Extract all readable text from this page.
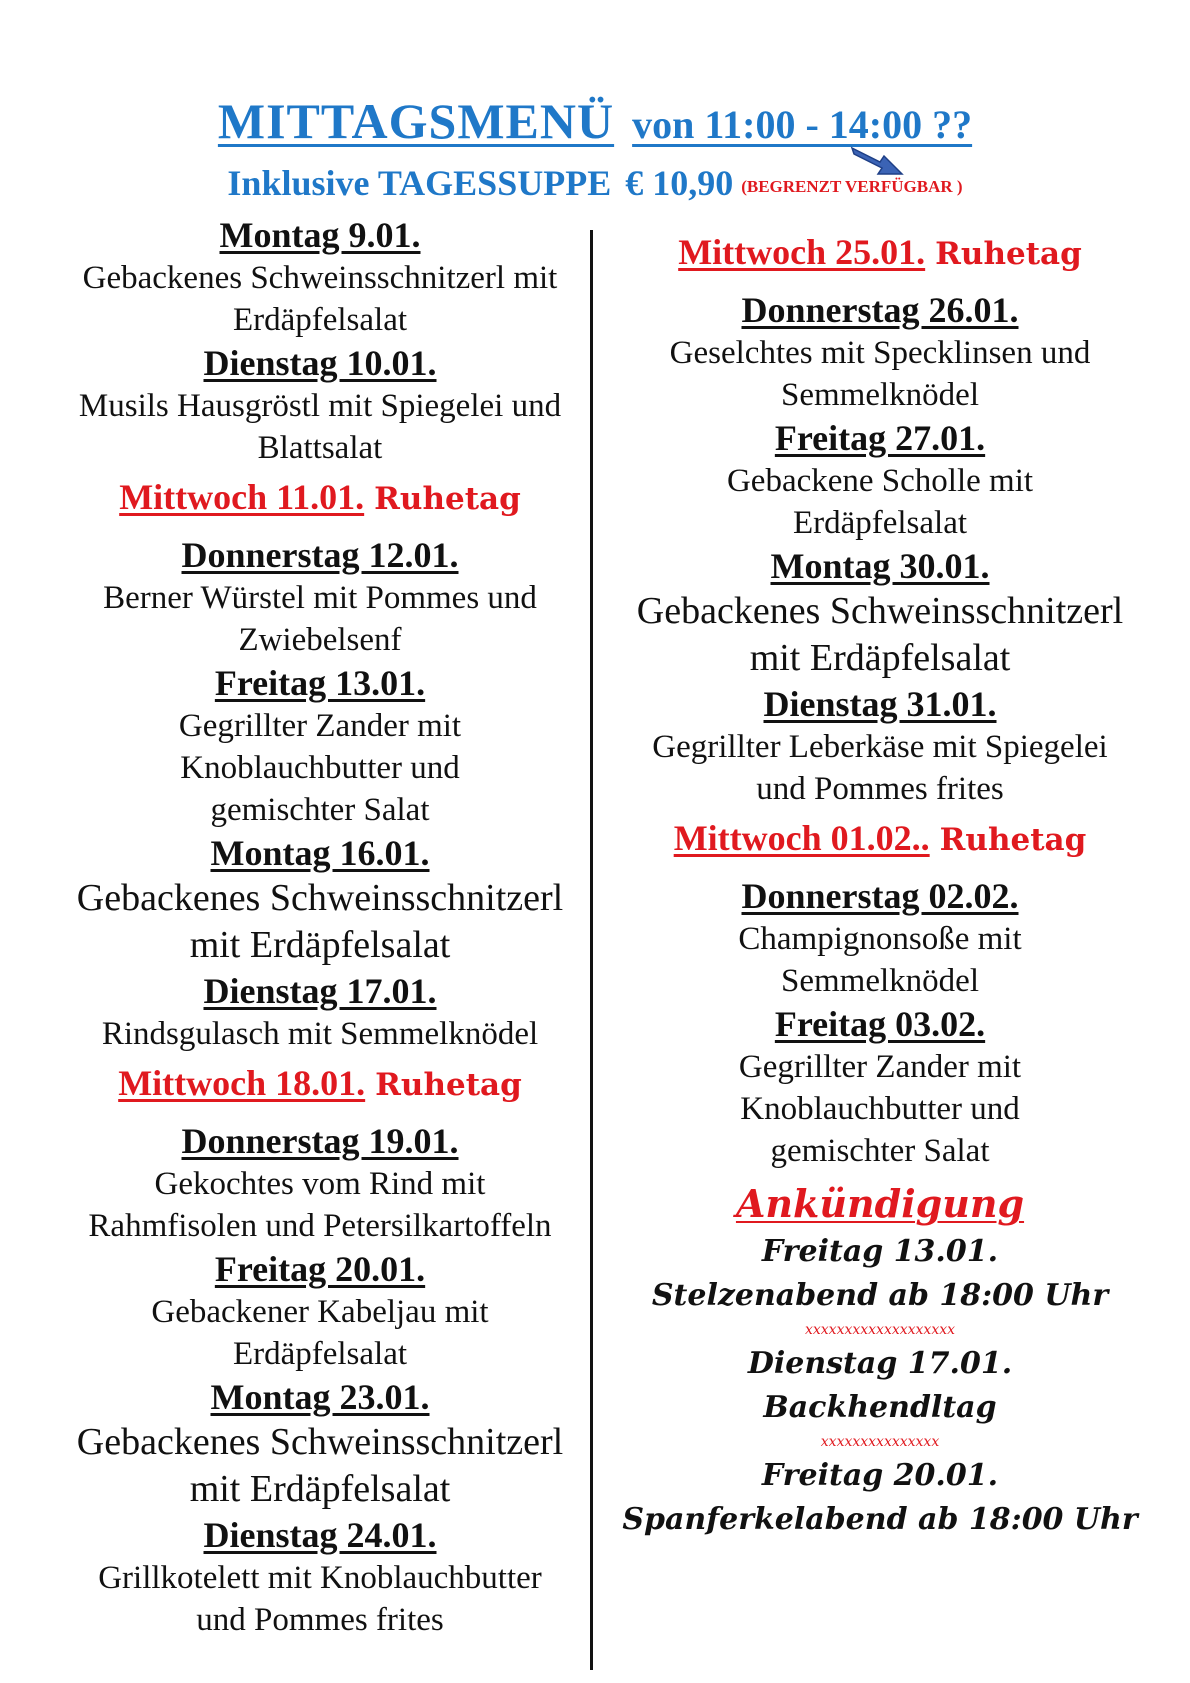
MITTAGSMENÜ von 11:00 - 14:00 ??
Inklusive TAGESSUPPE € 10,90 (BEGRENZT VERFÜGBAR )
Montag 9.01.
Gebackenes Schweinsschnitzerl mit
Erdäpfelsalat
Dienstag 10.01.
Musils Hausgröstl mit Spiegelei und
Blattsalat
Mittwoch 11.01. Ruhetag
Donnerstag 12.01.
Berner Würstel mit Pommes und
Zwiebelsenf
Freitag 13.01.
Gegrillter Zander mit
Knoblauchbutter und
gemischter Salat
Montag 16.01.
Gebackenes Schweinsschnitzerl
mit Erdäpfelsalat
Dienstag 17.01.
Rindsgulasch mit Semmelknödel
Mittwoch 18.01. Ruhetag
Donnerstag 19.01.
Gekochtes vom Rind mit
Rahmfisolen und Petersilkartoffeln
Freitag 20.01.
Gebackener Kabeljau mit
Erdäpfelsalat
Montag 23.01.
Gebackenes Schweinsschnitzerl
mit Erdäpfelsalat
Dienstag 24.01.
Grillkotelett mit Knoblauchbutter
und Pommes frites
Mittwoch 25.01. Ruhetag
Donnerstag 26.01.
Geselchtes mit Specklinsen und
Semmelknödel
Freitag 27.01.
Gebackene Scholle mit
Erdäpfelsalat
Montag 30.01.
Gebackenes Schweinsschnitzerl
mit Erdäpfelsalat
Dienstag 31.01.
Gegrillter Leberkäse mit Spiegelei
und Pommes frites
Mittwoch 01.02.. Ruhetag
Donnerstag 02.02.
Champignonsoße mit
Semmelknödel
Freitag 03.02.
Gegrillter Zander mit
Knoblauchbutter und
gemischter Salat
Ankündigung
Freitag 13.01.
Stelzenabend ab 18:00 Uhr
xxxxxxxxxxxxxxxxxxx
Dienstag 17.01.
Backhendltag
xxxxxxxxxxxxxxx
Freitag 20.01.
Spanferkelabend ab 18:00 Uhr
